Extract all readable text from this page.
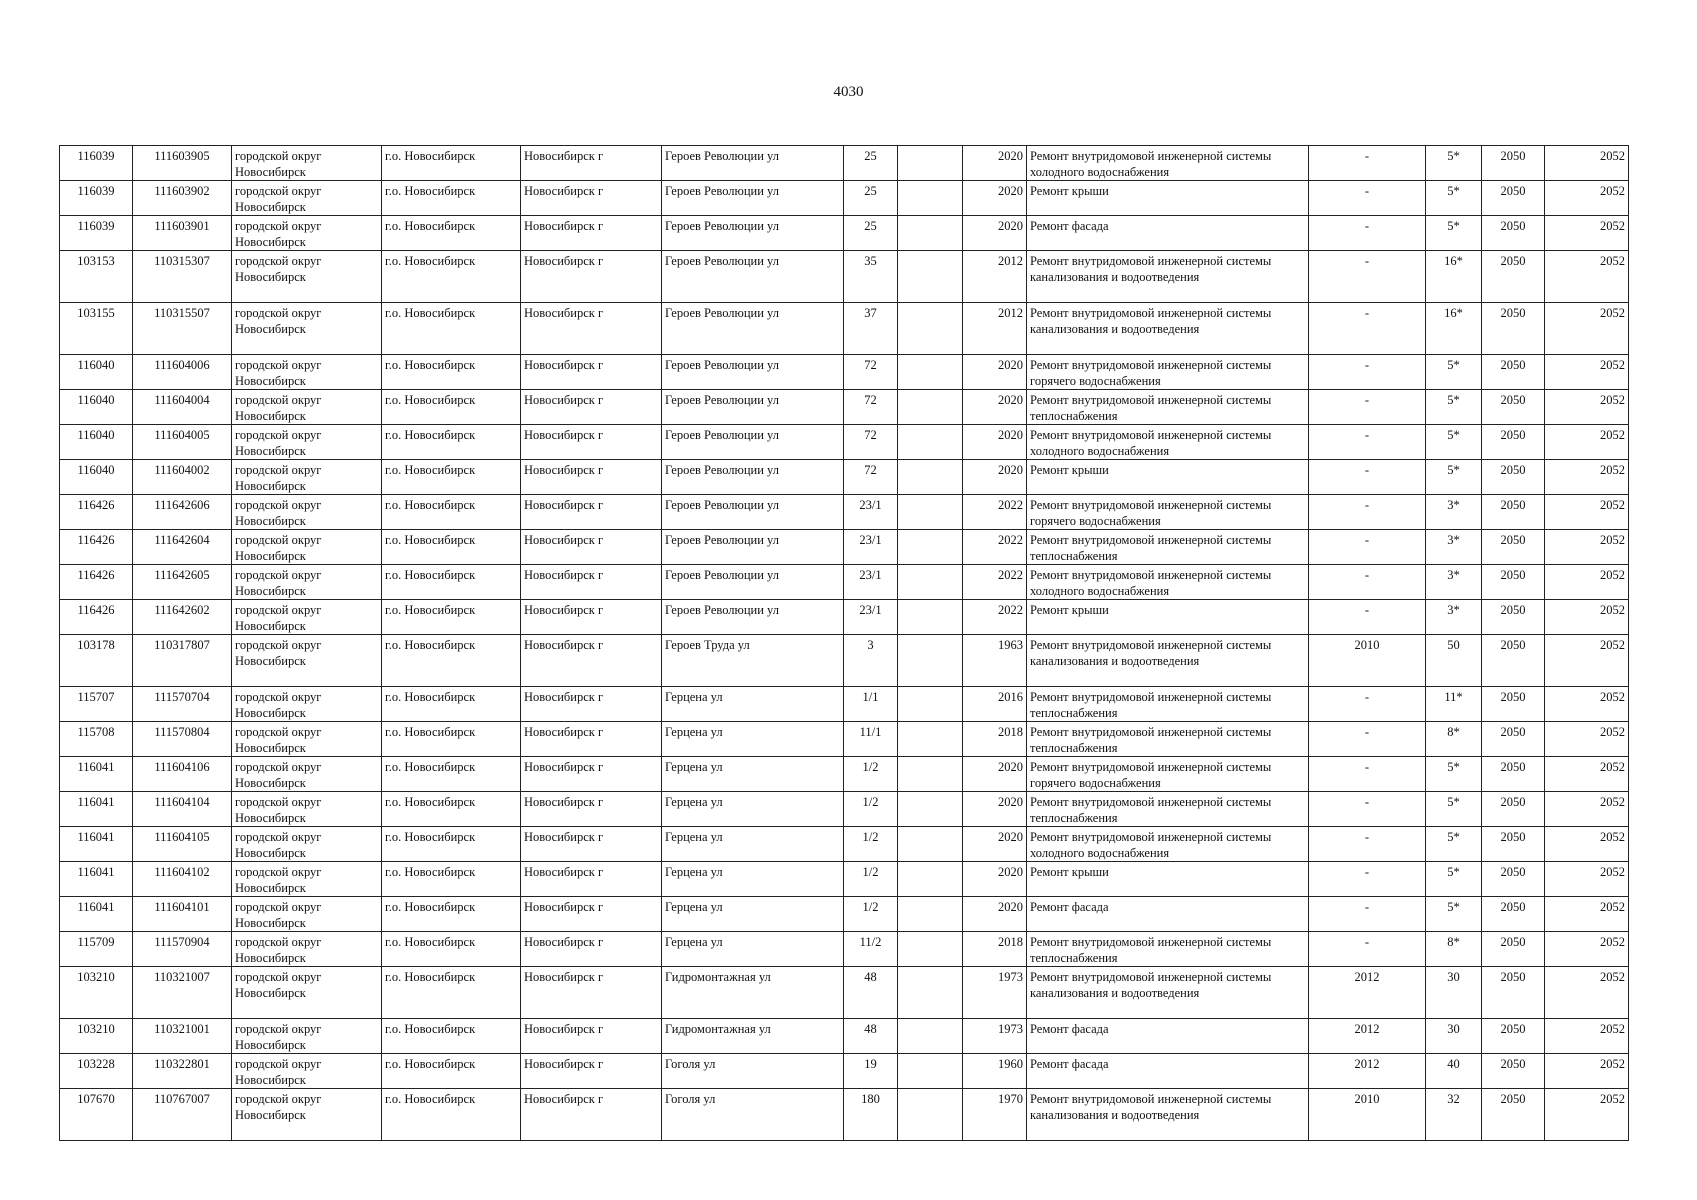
4030
116039	111603905	городской округ Новосибирск	г.о. Новосибирск	Новосибирск г	Героев Революции ул	25		2020	Ремонт внутридомовой инженерной системы холодного водоснабжения	-	5*	2050	2052
116039	111603902	городской округ Новосибирск	г.о. Новосибирск	Новосибирск г	Героев Революции ул	25		2020	Ремонт крыши	-	5*	2050	2052
116039	111603901	городской округ Новосибирск	г.о. Новосибирск	Новосибирск г	Героев Революции ул	25		2020	Ремонт фасада	-	5*	2050	2052
103153	110315307	городской округ Новосибирск	г.о. Новосибирск	Новосибирск г	Героев Революции ул	35		2012	Ремонт внутридомовой инженерной системы канализования и водоотведения	-	16*	2050	2052
103155	110315507	городской округ Новосибирск	г.о. Новосибирск	Новосибирск г	Героев Революции ул	37		2012	Ремонт внутридомовой инженерной системы канализования и водоотведения	-	16*	2050	2052
116040	111604006	городской округ Новосибирск	г.о. Новосибирск	Новосибирск г	Героев Революции ул	72		2020	Ремонт внутридомовой инженерной системы горячего водоснабжения	-	5*	2050	2052
116040	111604004	городской округ Новосибирск	г.о. Новосибирск	Новосибирск г	Героев Революции ул	72		2020	Ремонт внутридомовой инженерной системы теплоснабжения	-	5*	2050	2052
116040	111604005	городской округ Новосибирск	г.о. Новосибирск	Новосибирск г	Героев Революции ул	72		2020	Ремонт внутридомовой инженерной системы холодного водоснабжения	-	5*	2050	2052
116040	111604002	городской округ Новосибирск	г.о. Новосибирск	Новосибирск г	Героев Революции ул	72		2020	Ремонт крыши	-	5*	2050	2052
116426	111642606	городской округ Новосибирск	г.о. Новосибирск	Новосибирск г	Героев Революции ул	23/1		2022	Ремонт внутридомовой инженерной системы горячего водоснабжения	-	3*	2050	2052
116426	111642604	городской округ Новосибирск	г.о. Новосибирск	Новосибирск г	Героев Революции ул	23/1		2022	Ремонт внутридомовой инженерной системы теплоснабжения	-	3*	2050	2052
116426	111642605	городской округ Новосибирск	г.о. Новосибирск	Новосибирск г	Героев Революции ул	23/1		2022	Ремонт внутридомовой инженерной системы холодного водоснабжения	-	3*	2050	2052
116426	111642602	городской округ Новосибирск	г.о. Новосибирск	Новосибирск г	Героев Революции ул	23/1		2022	Ремонт крыши	-	3*	2050	2052
103178	110317807	городской округ Новосибирск	г.о. Новосибирск	Новосибирск г	Героев Труда ул	3		1963	Ремонт внутридомовой инженерной системы канализования и водоотведения	2010	50	2050	2052
115707	111570704	городской округ Новосибирск	г.о. Новосибирск	Новосибирск г	Герцена ул	1/1		2016	Ремонт внутридомовой инженерной системы теплоснабжения	-	11*	2050	2052
115708	111570804	городской округ Новосибирск	г.о. Новосибирск	Новосибирск г	Герцена ул	11/1		2018	Ремонт внутридомовой инженерной системы теплоснабжения	-	8*	2050	2052
116041	111604106	городской округ Новосибирск	г.о. Новосибирск	Новосибирск г	Герцена ул	1/2		2020	Ремонт внутридомовой инженерной системы горячего водоснабжения	-	5*	2050	2052
116041	111604104	городской округ Новосибирск	г.о. Новосибирск	Новосибирск г	Герцена ул	1/2		2020	Ремонт внутридомовой инженерной системы теплоснабжения	-	5*	2050	2052
116041	111604105	городской округ Новосибирск	г.о. Новосибирск	Новосибирск г	Герцена ул	1/2		2020	Ремонт внутридомовой инженерной системы холодного водоснабжения	-	5*	2050	2052
116041	111604102	городской округ Новосибирск	г.о. Новосибирск	Новосибирск г	Герцена ул	1/2		2020	Ремонт крыши	-	5*	2050	2052
116041	111604101	городской округ Новосибирск	г.о. Новосибирск	Новосибирск г	Герцена ул	1/2		2020	Ремонт фасада	-	5*	2050	2052
115709	111570904	городской округ Новосибирск	г.о. Новосибирск	Новосибирск г	Герцена ул	11/2		2018	Ремонт внутридомовой инженерной системы теплоснабжения	-	8*	2050	2052
103210	110321007	городской округ Новосибирск	г.о. Новосибирск	Новосибирск г	Гидромонтажная ул	48		1973	Ремонт внутридомовой инженерной системы канализования и водоотведения	2012	30	2050	2052
103210	110321001	городской округ Новосибирск	г.о. Новосибирск	Новосибирск г	Гидромонтажная ул	48		1973	Ремонт фасада	2012	30	2050	2052
103228	110322801	городской округ Новосибирск	г.о. Новосибирск	Новосибирск г	Гоголя ул	19		1960	Ремонт фасада	2012	40	2050	2052
107670	110767007	городской округ Новосибирск	г.о. Новосибирск	Новосибирск г	Гоголя ул	180		1970	Ремонт внутридомовой инженерной системы канализования и водоотведения	2010	32	2050	2052
